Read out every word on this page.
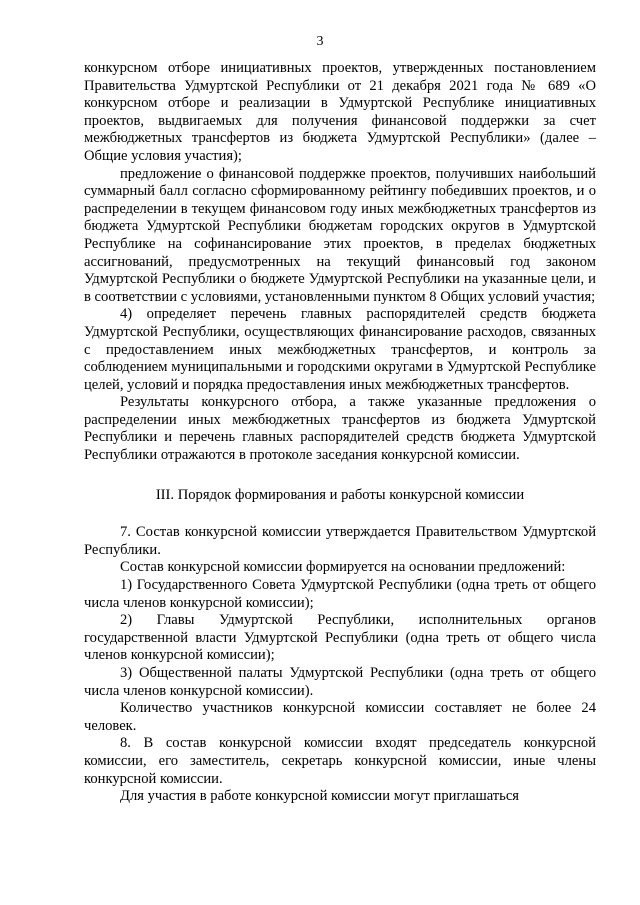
3

конкурсном отборе инициативных проектов, утвержденных постановлением Правительства Удмуртской Республики от 21 декабря 2021 года № 689 «О конкурсном отборе и реализации в Удмуртской Республике инициативных проектов, выдвигаемых для получения финансовой поддержки за счет межбюджетных трансфертов из бюджета Удмуртской Республики» (далее – Общие условия участия);

предложение о финансовой поддержке проектов, получивших наибольший суммарный балл согласно сформированному рейтингу победивших проектов, и о распределении в текущем финансовом году иных межбюджетных трансфертов из бюджета Удмуртской Республики бюджетам городских округов в Удмуртской Республике на софинансирование этих проектов, в пределах бюджетных ассигнований, предусмотренных на текущий финансовый год законом Удмуртской Республики о бюджете Удмуртской Республики на указанные цели, и в соответствии с условиями, установленными пунктом 8 Общих условий участия;

4) определяет перечень главных распорядителей средств бюджета Удмуртской Республики, осуществляющих финансирование расходов, связанных с предоставлением иных межбюджетных трансфертов, и контроль за соблюдением муниципальными и городскими округами в Удмуртской Республике целей, условий и порядка предоставления иных межбюджетных трансфертов.

Результаты конкурсного отбора, а также указанные предложения о распределении иных межбюджетных трансфертов из бюджета Удмуртской Республики и перечень главных распорядителей средств бюджета Удмуртской Республики отражаются в протоколе заседания конкурсной комиссии.

III. Порядок формирования и работы конкурсной комиссии

7. Состав конкурсной комиссии утверждается Правительством Удмуртской Республики.

Состав конкурсной комиссии формируется на основании предложений:

1) Государственного Совета Удмуртской Республики (одна треть от общего числа членов конкурсной комиссии);

2) Главы Удмуртской Республики, исполнительных органов государственной власти Удмуртской Республики (одна треть от общего числа членов конкурсной комиссии);

3) Общественной палаты Удмуртской Республики (одна треть от общего числа членов конкурсной комиссии).

Количество участников конкурсной комиссии составляет не более 24 человек.

8. В состав конкурсной комиссии входят председатель конкурсной комиссии, его заместитель, секретарь конкурсной комиссии, иные члены конкурсной комиссии.

Для участия в работе конкурсной комиссии могут приглашаться
